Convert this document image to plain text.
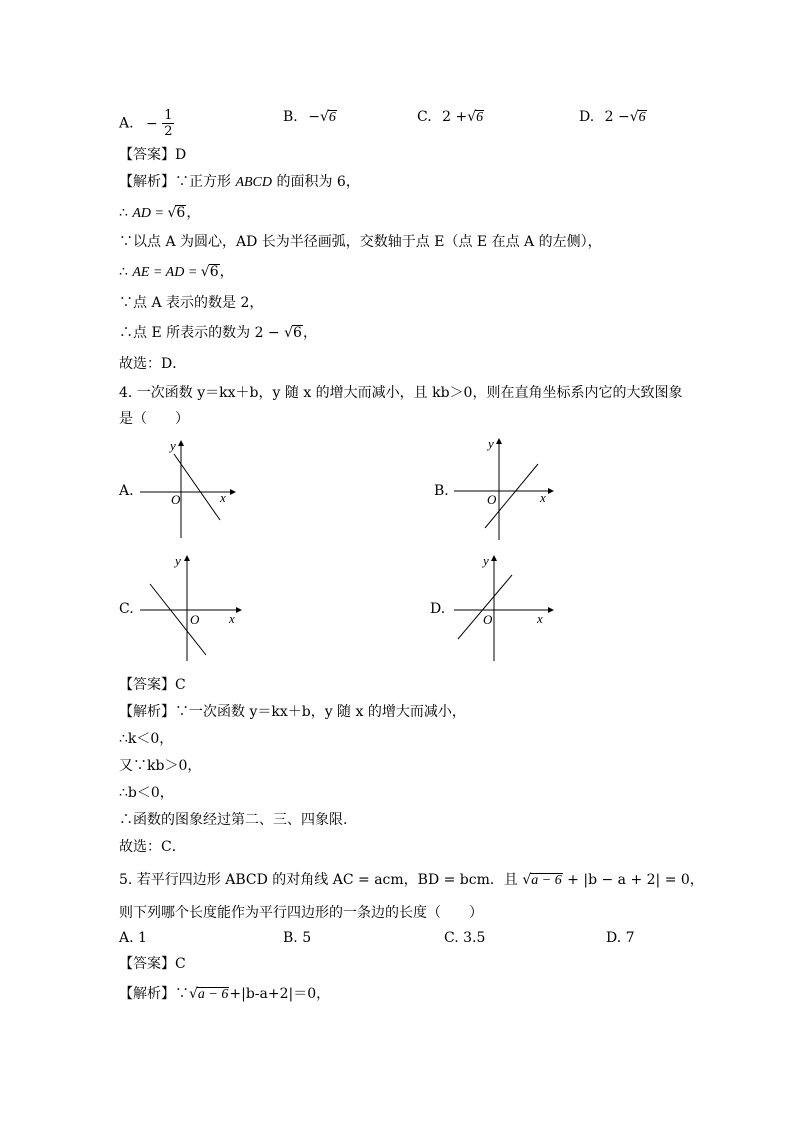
A. − $\frac{1}{2}$	B. −√6	C. 2 +√6	D. 2 −√6
【答案】D
【解析】∵正方形 ABCD 的面积为 6，
∴ AD = √6，
∵以点 A 为圆心，AD 长为半径画弧，交数轴于点 E（点 E 在点 A 的左侧），
∴ AE = AD = √6，
∵点 A 表示的数是 2，
∴点 E 所表示的数为 2 − √6，
故选：D．
4. 一次函数 y＝kx＋b，y 随 x 的增大而减小，且 kb＞0，则在直角坐标系内它的大致图象
是（　　）
A.
y
O	x	B.
y
O	x
C.
y
O x
D.
y
O	x
【答案】C
【解析】∵一次函数 y＝kx＋b，y 随 x 的增大而减小，
∴k＜0，
又∵kb＞0，
∴b＜0，
∴函数的图象经过第二、三、四象限.
故选：C．
5. 若平行四边形 ABCD 的对角线 AC = acm，BD = bcm．且 √a − 6 + |b − a + 2| = 0，
则下列哪个长度能作为平行四边形的一条边的长度（　　）
A. 1	B. 5	C. 3.5	D. 7
【答案】C
【解析】∵√a − 6+|b-a+2|＝0，
